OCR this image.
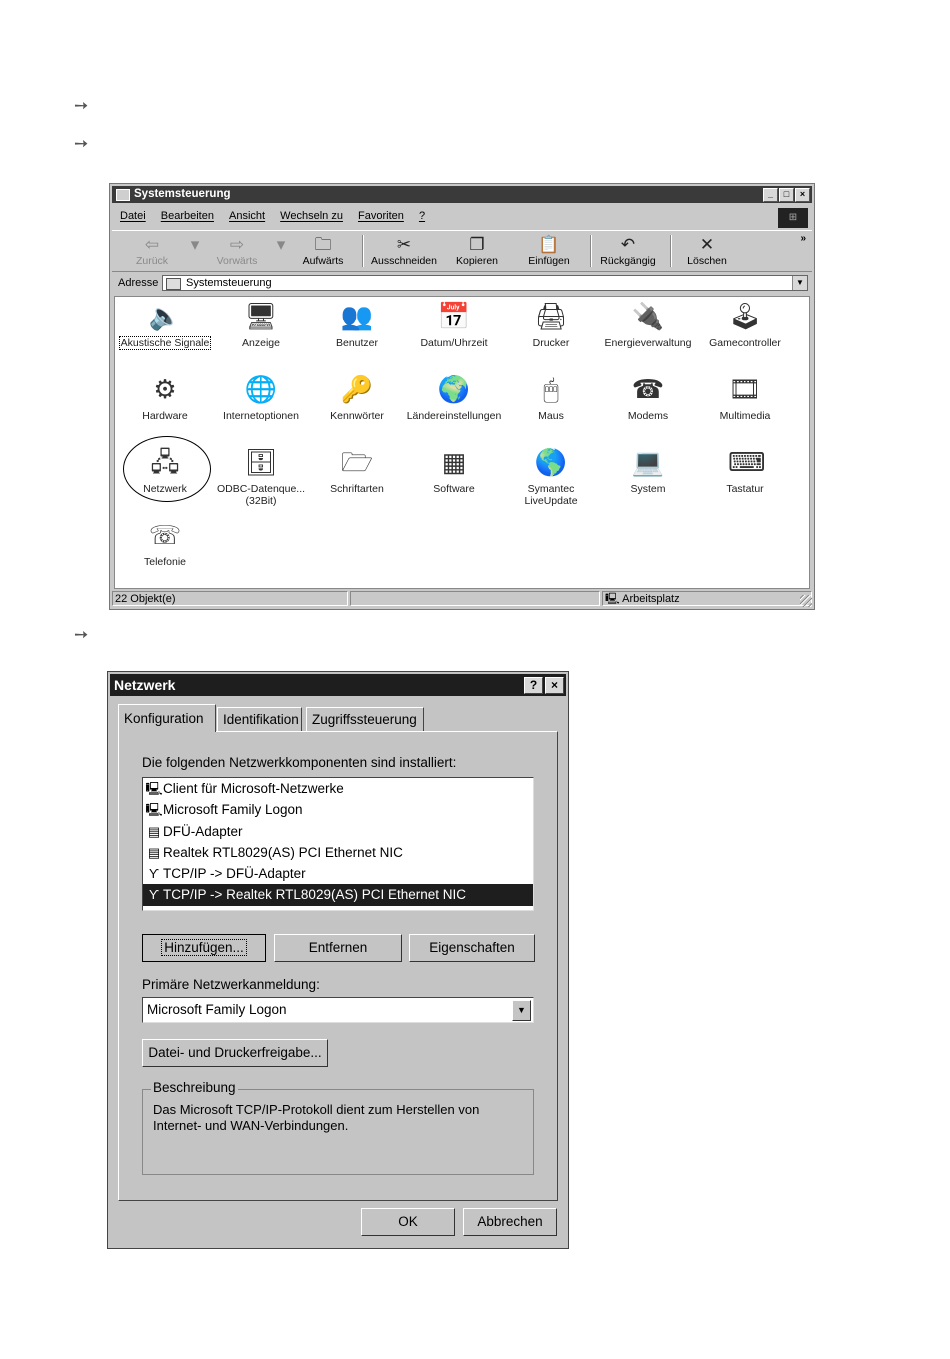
➙
➙
➙
Systemsteuerung	_ □ ×
Datei Bearbeiten Ansicht Wechseln zu Favoriten ?	⊞
⇦
Zurück
▾	⇨
Vorwärts
▾	🗀
Aufwärts
✂
Ausschneiden
❐
Kopieren
📋
Einfügen
↶
Rückgängig
✕
Löschen
»
Adresse	Systemsteuerung	▼
🔈
Akustische Signale
🖥
Anzeige
👥
Benutzer
📅
Datum/Uhrzeit
🖨
Drucker
🔌
Energieverwaltung
🕹
Gamecontroller
⚙
Hardware
🌐
Internetoptionen
🔑
Kennwörter
🌍
Ländereinstellungen
🖱
Maus
☎
Modems
🎞
Multimedia
🖧
Netzwerk
🗄
ODBC-Datenque...
(32Bit)
🗁
Schriftarten
▦
Software
🌎
Symantec
LiveUpdate
💻
System
⌨
Tastatur
☏
Telefonie
22 Objekt(e)	🖳 Arbeitsplatz
Netzwerk	? ×
Konfiguration	Identifikation Zugriffssteuerung
Die folgenden Netzwerkkomponenten sind installiert:
🖳Client für Microsoft-Netzwerke
🖳Microsoft Family Logon
▤ DFÜ-Adapter
▤ Realtek RTL8029(AS) PCI Ethernet NIC
Ƴ TCP/IP -> DFÜ-Adapter
Ƴ TCP/IP -> Realtek RTL8029(AS) PCI Ethernet NIC
Hinzufügen...	Entfernen	Eigenschaften
Primäre Netzwerkanmeldung:
Microsoft Family Logon	▼
Datei- und Druckerfreigabe...
Beschreibung
Das Microsoft TCP/IP-Protokoll dient zum Herstellen von Internet- und WAN-Verbindungen.
OK	Abbrechen
